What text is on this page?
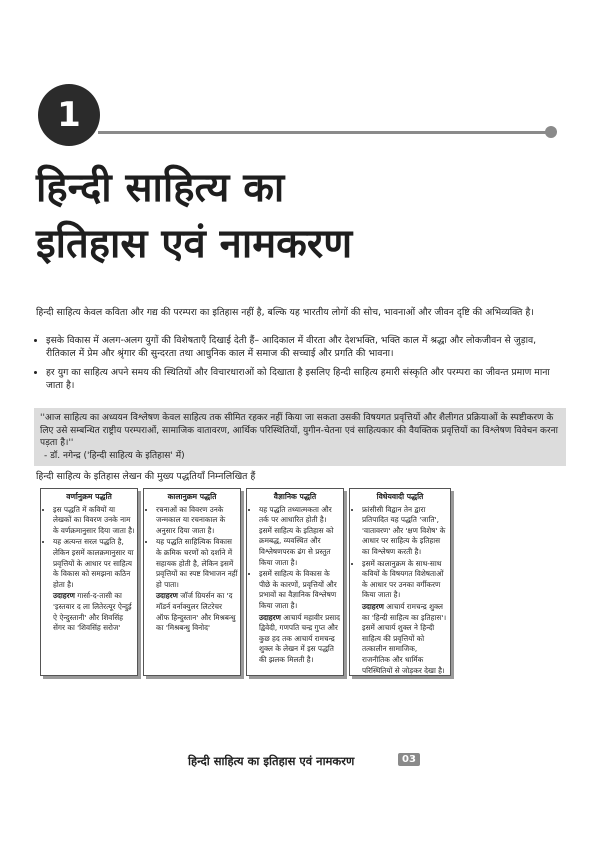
1
हिन्दी साहित्य का
इतिहास एवं नामकरण

हिन्दी साहित्य केवल कविता और गद्य की परम्परा का इतिहास नहीं है, बल्कि यह भारतीय लोगों की सोच, भावनाओं और जीवन दृष्टि की अभिव्यक्ति है।

• इसके विकास में अलग-अलग युगों की विशेषताएँ दिखाई देती हैं– आदिकाल में वीरता और देशभक्ति, भक्ति काल में श्रद्धा और लोकजीवन से जुड़ाव, रीतिकाल में प्रेम और श्रृंगार की सुन्दरता तथा आधुनिक काल में समाज की सच्चाई और प्रगति की भावना।
• हर युग का साहित्य अपने समय की स्थितियों और विचारधाराओं को दिखाता है इसलिए हिन्दी साहित्य हमारी संस्कृति और परम्परा का जीवन्त प्रमाण माना जाता है।
''आज साहित्य का अध्ययन विश्लेषण केवल साहित्य तक सीमित रहकर नहीं किया जा सकता उसकी विषयगत प्रवृत्तियों और शैलीगत प्रक्रियाओं के स्पष्टीकरण के लिए उसे सम्बन्धित राष्ट्रीय परम्पराओं, सामाजिक वातावरण, आर्थिक परिस्थितियों, युगीन-चेतना एवं साहित्यकार की वैयक्तिक प्रवृत्तियों का विश्लेषण विवेचन करना पड़ता है।''
- डॉ. नगेन्द्र ('हिन्दी साहित्य के इतिहास' में)

हिन्दी साहित्य के इतिहास लेखन की मुख्य पद्धतियाँ निम्नलिखित हैं

वर्णानुक्रम पद्धति
• इस पद्धति में कवियों या लेखकों का विवरण उनके नाम के वर्णक्रमानुसार दिया जाता है।
• यह अत्यन्त सरल पद्धति है, लेकिन इसमें कालक्रमानुसार या प्रवृत्तियों के आधार पर साहित्य के विकास को समझना कठिन होता है।
उदाहरण गार्सा-द-तासी का 'इस्तवार द ला लितेरत्यूर ऐन्दुई ऐ ऐन्दुस्तानी' और शिवसिंह सेंगर का 'शिवसिंह सरोज'
कालानुक्रम पद्धति
• रचनाओं का विवरण उनके जन्मकाल या रचनाकाल के अनुसार दिया जाता है।
• यह पद्धति साहित्यिक विकास के क्रमिक चरणों को दर्शाने में सहायक होती है, लेकिन इसमें प्रवृत्तियों का स्पष्ट विभाजन नहीं हो पाता।
उदाहरण जॉर्ज ग्रियर्सन का 'द मॉडर्न वर्नाक्युलर लिटरेचर ऑफ हिन्दुस्तान' और मिश्रबन्धु का 'मिश्रबन्धु विनोद'
वैज्ञानिक पद्धति
• यह पद्धति तथ्यात्मकता और तर्क पर आधारित होती है। इसमें साहित्य के इतिहास को क्रमबद्ध, व्यवस्थित और विश्लेषणपरक ढंग से प्रस्तुत किया जाता है।
• इसमें साहित्य के विकास के पीछे के कारणों, प्रवृत्तियों और प्रभावों का वैज्ञानिक विश्लेषण किया जाता है।
उदाहरण आचार्य महावीर प्रसाद द्विवेदी, गणपति चन्द्र गुप्त और कुछ हद तक आचार्य रामचन्द्र शुक्ल के लेखन में इस पद्धति की झलक मिलती है।
विधेयवादी पद्धति
• फ्रांसीसी विद्वान तेन द्वारा प्रतिपादित यह पद्धति 'जाति', 'वातावरण' और 'क्षण विशेष' के आधार पर साहित्य के इतिहास का विश्लेषण करती है।
• इसमें कालानुक्रम के साथ-साथ कवियों के विषयगत विशेषताओं के आधार पर उनका वर्गीकरण किया जाता है।
उदाहरण आचार्य रामचन्द्र शुक्ल का 'हिन्दी साहित्य का इतिहास'। इसमें आचार्य शुक्ल ने हिन्दी साहित्य की प्रवृत्तियों को तत्कालीन सामाजिक, राजनीतिक और धार्मिक परिस्थितियों से जोड़कर देखा है।
हिन्दी साहित्य का इतिहास एवं नामकरण	03
